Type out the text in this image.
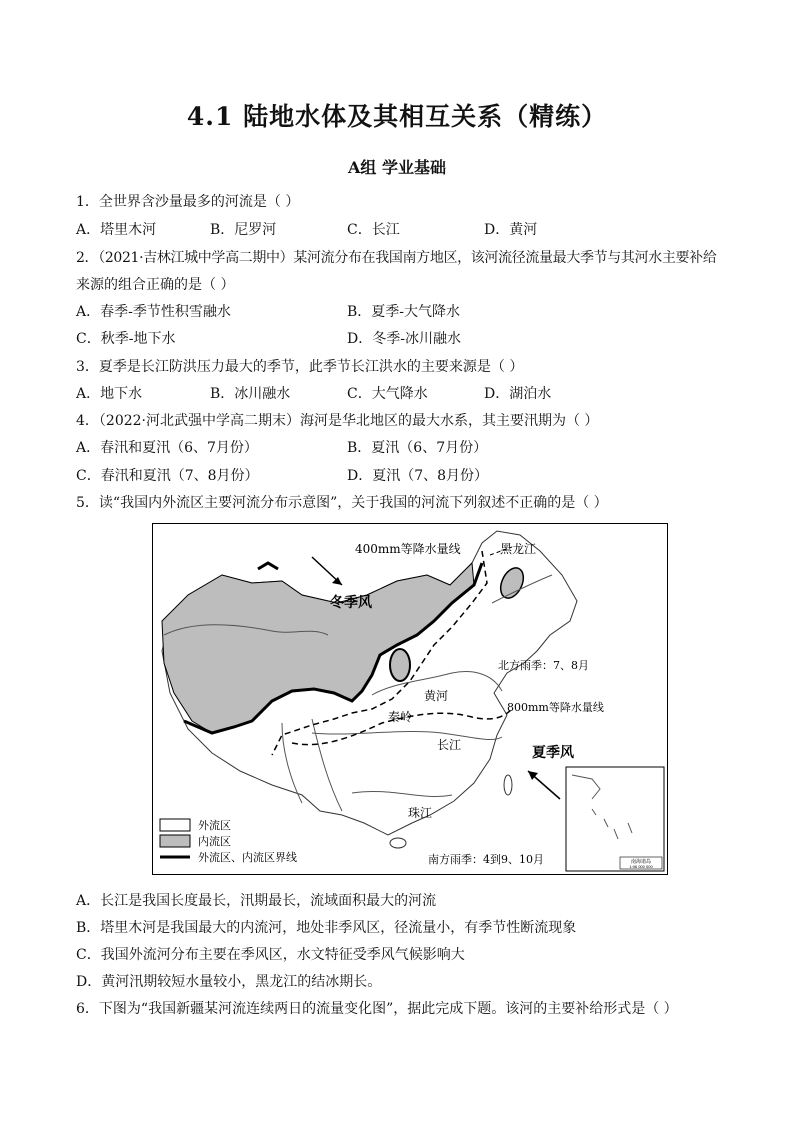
4.1 陆地水体及其相互关系（精练）
A组 学业基础
1．全世界含沙量最多的河流是（ ）
A．塔里木河	B．尼罗河	C．长江	D．黄河
2．（2021·吉林江城中学高二期中）某河流分布在我国南方地区，该河流径流量最大季节与其河水主要补给
来源的组合正确的是（ ）
A．春季-季节性积雪融水	B．夏季-大气降水
C．秋季-地下水	D．冬季-冰川融水
3．夏季是长江防洪压力最大的季节，此季节长江洪水的主要来源是（ ）
A．地下水	B．冰川融水	C．大气降水	D．湖泊水
4．（2022·河北武强中学高二期末）海河是华北地区的最大水系，其主要汛期为（ ）
A．春汛和夏汛（6、7月份）	B．夏汛（6、7月份）
C．春汛和夏汛（7、8月份）	D．夏汛（7、8月份）
5．读“我国内外流区主要河流分布示意图”，关于我国的河流下列叙述不正确的是（ ）
南海诸岛
1:96 000 000
400mm等降水量线	黑龙江
冬季风
北方雨季：7、8月
黄河
800mm等降水量线
秦岭
长江	夏季风
珠江
南方雨季：4到9、10月
外流区
内流区
外流区、内流区界线
A．长江是我国长度最长，汛期最长，流域面积最大的河流
B．塔里木河是我国最大的内流河，地处非季风区，径流量小，有季节性断流现象
C．我国外流河分布主要在季风区，水文特征受季风气候影响大
D．黄河汛期较短水量较小，黑龙江的结冰期长。
6．下图为“我国新疆某河流连续两日的流量变化图”，据此完成下题。该河的主要补给形式是（ ）
